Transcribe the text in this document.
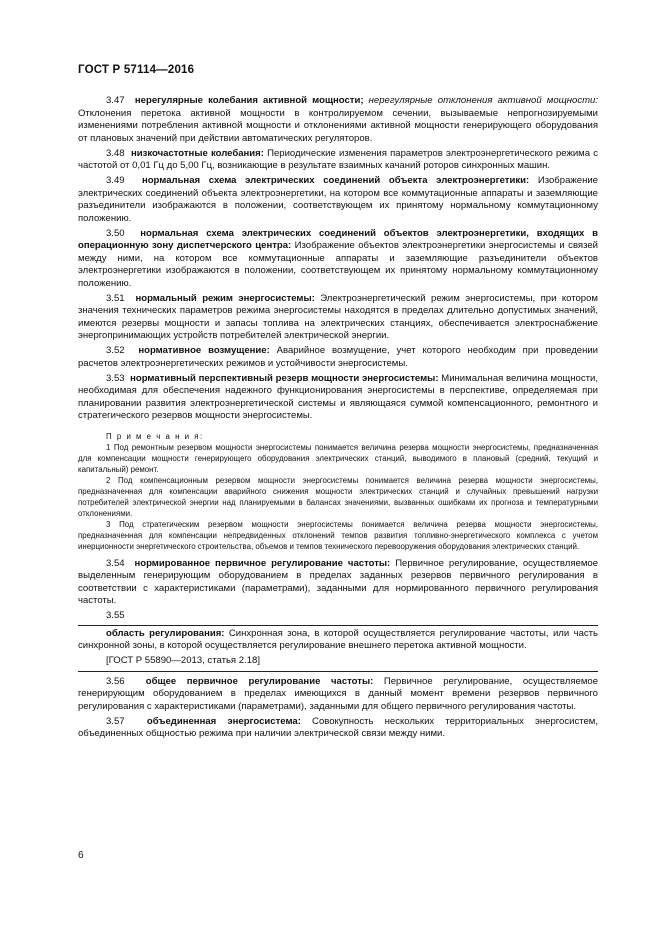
ГОСТ Р 57114—2016

3.47 нерегулярные колебания активной мощности; нерегулярные отклонения активной мощности: Отклонения перетока активной мощности в контролируемом сечении, вызываемые непрогнозируемыми изменениями потребления активной мощности и отклонениями активной мощности генерирующего оборудования от плановых значений при действии автоматических регуляторов.

3.48 низкочастотные колебания: Периодические изменения параметров электроэнергетического режима с частотой от 0,01 Гц до 5,00 Гц, возникающие в результате взаимных качаний роторов синхронных машин.

3.49 нормальная схема электрических соединений объекта электроэнергетики: Изображение электрических соединений объекта электроэнергетики, на котором все коммутационные аппараты и заземляющие разъединители изображаются в положении, соответствующем их принятому нормальному коммутационному положению.

3.50 нормальная схема электрических соединений объектов электроэнергетики, входящих в операционную зону диспетчерского центра: Изображение объектов электроэнергетики энергосистемы и связей между ними, на котором все коммутационные аппараты и заземляющие разъединители объектов электроэнергетики изображаются в положении, соответствующем их принятому нормальному коммутационному положению.

3.51 нормальный режим энергосистемы: Электроэнергетический режим энергосистемы, при котором значения технических параметров режима энергосистемы находятся в пределах длительно допустимых значений, имеются резервы мощности и запасы топлива на электрических станциях, обеспечивается электроснабжение энергопринимающих устройств потребителей электрической энергии.

3.52 нормативное возмущение: Аварийное возмущение, учет которого необходим при проведении расчетов электроэнергетических режимов и устойчивости энергосистемы.

3.53 нормативный перспективный резерв мощности энергосистемы: Минимальная величина мощности, необходимая для обеспечения надежного функционирования энергосистемы в перспективе, определяемая при планировании развития электроэнергетической системы и являющаяся суммой компенсационного, ремонтного и стратегического резервов мощности энергосистемы.

П р и м е ч а н и я:

1 Под ремонтным резервом мощности энергосистемы понимается величина резерва мощности энергосистемы, предназначенная для компенсации мощности генерирующего оборудования электрических станций, выводимого в плановый (средний, текущий и капитальный) ремонт.

2 Под компенсационным резервом мощности энергосистемы понимается величина резерва мощности энергосистемы, предназначенная для компенсации аварийного снижения мощности электрических станций и случайных превышений нагрузки потребителей электрической энергии над планируемыми в балансах значениями, вызванных ошибками их прогноза и температурными отклонениями.

3 Под стратегическим резервом мощности энергосистемы понимается величина резерва мощности энергосистемы, предназначенная для компенсации непредвиденных отклонений темпов развития топливно-энергетического комплекса с учетом инерционности энергетического строительства, объемов и темпов технического перевооружения оборудования электрических станций.

3.54 нормированное первичное регулирование частоты: Первичное регулирование, осуществляемое выделенным генерирующим оборудованием в пределах заданных резервов первичного регулирования в соответствии с характеристиками (параметрами), заданными для нормированного первичного регулирования частоты.

3.55

область регулирования: Синхронная зона, в которой осуществляется регулирование частоты, или часть синхронной зоны, в которой осуществляется регулирование внешнего перетока активной мощности.

[ГОСТ Р 55890—2013, статья 2.18]

3.56 общее первичное регулирование частоты: Первичное регулирование, осуществляемое генерирующим оборудованием в пределах имеющихся в данный момент времени резервов первичного регулирования с характеристиками (параметрами), заданными для общего первичного регулирования частоты.

3.57 объединенная энергосистема: Совокупность нескольких территориальных энергосистем, объединенных общностью режима при наличии электрической связи между ними.

6
